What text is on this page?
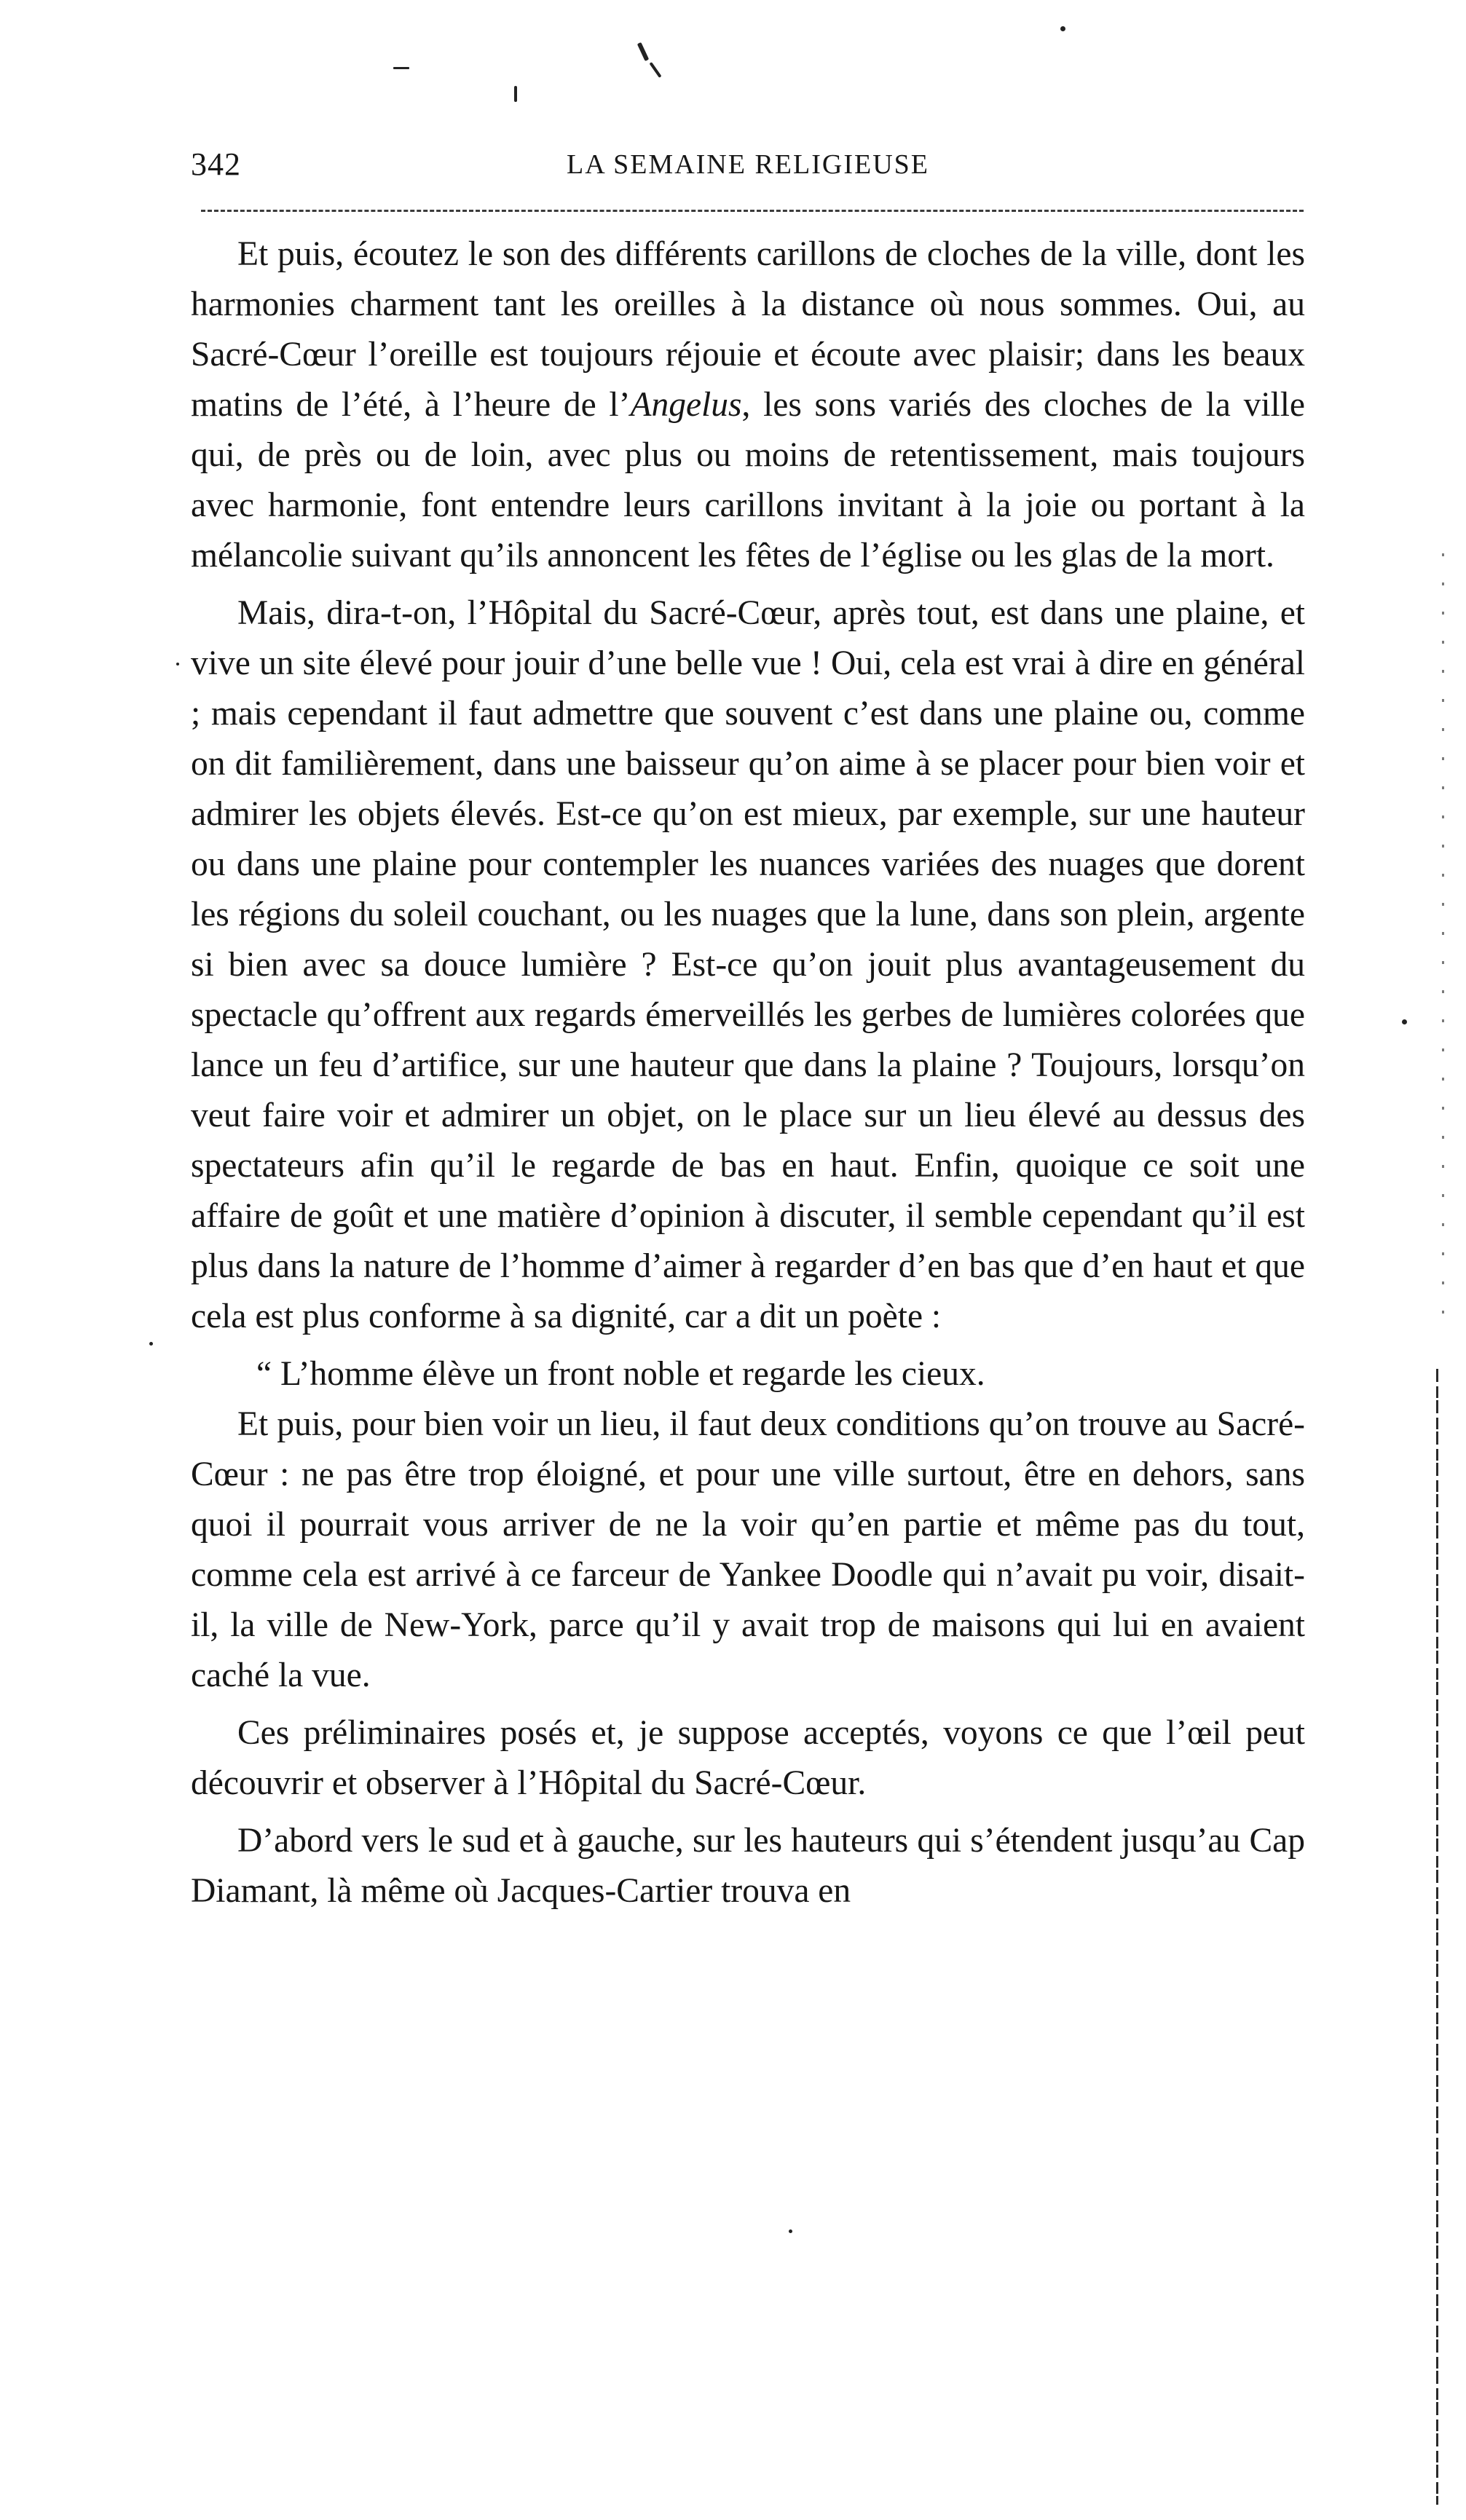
342	LA SEMAINE RELIGIEUSE

Et puis, écoutez le son des différents carillons de cloches de la ville, dont les harmonies charment tant les oreilles à la distance où nous sommes. Oui, au Sacré-Cœur l’oreille est toujours réjouie et écoute avec plaisir; dans les beaux matins de l’été, à l’heure de l’Angelus, les sons variés des cloches de la ville qui, de près ou de loin, avec plus ou moins de retentissement, mais toujours avec harmonie, font entendre leurs carillons invitant à la joie ou portant à la mélancolie suivant qu’ils annoncent les fêtes de l’église ou les glas de la mort.

Mais, dira-t-on, l’Hôpital du Sacré-Cœur, après tout, est dans une plaine, et vive un site élevé pour jouir d’une belle vue ! Oui, cela est vrai à dire en général ; mais cependant il faut admettre que souvent c’est dans une plaine ou, comme on dit familièrement, dans une baisseur qu’on aime à se placer pour bien voir et admirer les objets élevés. Est-ce qu’on est mieux, par exemple, sur une hauteur ou dans une plaine pour contempler les nuances variées des nuages que dorent les régions du soleil couchant, ou les nuages que la lune, dans son plein, argente si bien avec sa douce lumière ? Est-ce qu’on jouit plus avantageusement du spectacle qu’offrent aux regards émerveillés les gerbes de lumières colorées que lance un feu d’artifice, sur une hauteur que dans la plaine ? Toujours, lorsqu’on veut faire voir et admirer un objet, on le place sur un lieu élevé au dessus des spectateurs afin qu’il le regarde de bas en haut. Enfin, quoique ce soit une affaire de goût et une matière d’opinion à discuter, il semble cependant qu’il est plus dans la nature de l’homme d’aimer à regarder d’en bas que d’en haut et que cela est plus conforme à sa dignité, car a dit un poète :

“ L’homme élève un front noble et regarde les cieux.

Et puis, pour bien voir un lieu, il faut deux conditions qu’on trouve au Sacré-Cœur : ne pas être trop éloigné, et pour une ville surtout, être en dehors, sans quoi il pourrait vous arriver de ne la voir qu’en partie et même pas du tout, comme cela est arrivé à ce farceur de Yankee Doodle qui n’avait pu voir, disait-il, la ville de New-York, parce qu’il y avait trop de maisons qui lui en avaient caché la vue.

Ces préliminaires posés et, je suppose acceptés, voyons ce que l’œil peut découvrir et observer à l’Hôpital du Sacré-Cœur.

D’abord vers le sud et à gauche, sur les hauteurs qui s’étendent jusqu’au Cap Diamant, là même où Jacques-Cartier trouva en
